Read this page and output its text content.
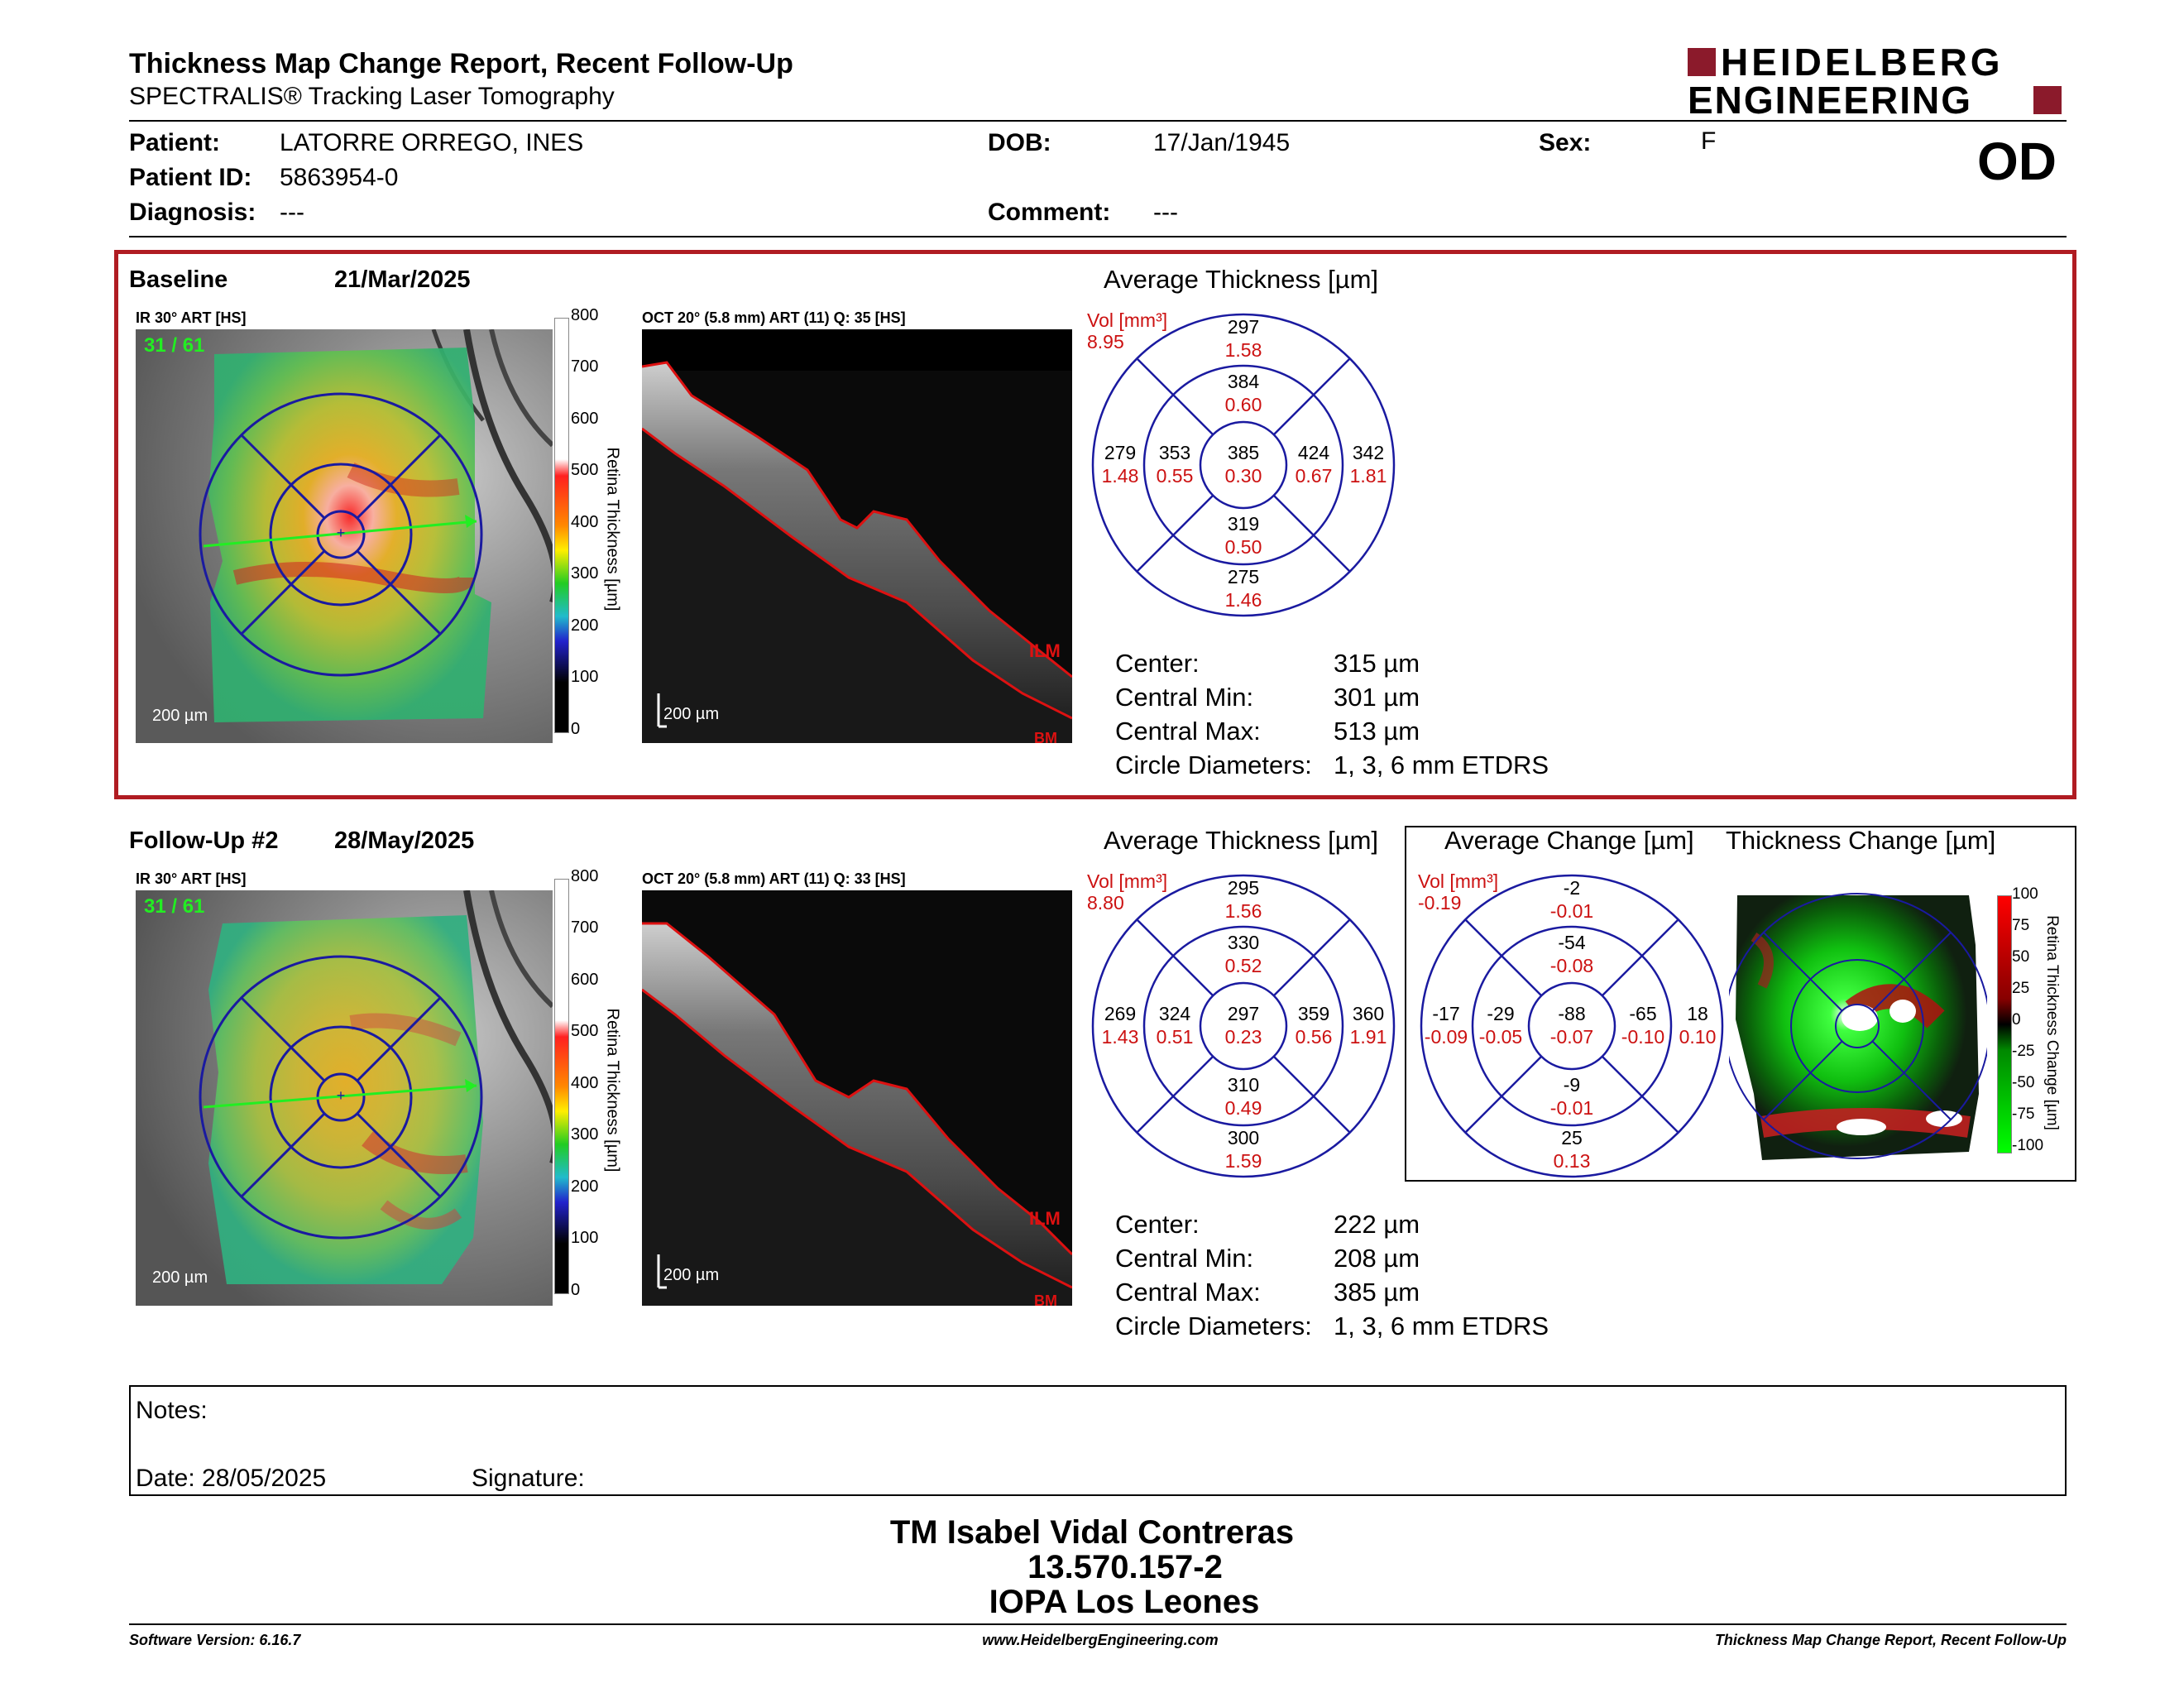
Thickness Map Change Report, Recent Follow-Up
SPECTRALIS® Tracking Laser Tomography
HEIDELBERG
ENGINEERING
Patient: LATORRE ORREGO, INES
Patient ID: 5863954-0
Diagnosis: ---
DOB:	17/Jan/1945
Comment: ---
Sex:	F	OD
Baseline	21/Mar/2025
IR 30° ART [HS]	OCT 20° (5.8 mm) ART (11) Q: 35 [HS]
+
31 / 61
200 µm
800
700
600
500
400
300
200
100
0
Retina Thickness [µm]
ILM
BM
200 µm
Average Thickness [µm]
Vol [mm³]
8.95
297
1.58
384
0.60
385
0.30
319
0.50
275
1.46
279
1.48
353
0.55
424
0.67
342
1.81
Center:	315 µm
Central Min:	301 µm
Central Max:	513 µm
Circle Diameters: 1, 3, 6 mm ETDRS
Follow-Up #2 28/May/2025
IR 30° ART [HS]	OCT 20° (5.8 mm) ART (11) Q: 33 [HS]
+
31 / 61
200 µm
800
700
600
500
400
300
200
100
0
Retina Thickness [µm]
ILM
BM
200 µm
Average Thickness [µm]
Vol [mm³]
8.80
295
1.56
330
0.52
297
0.23
310
0.49
300
1.59
269
1.43
324
0.51
359
0.56
360
1.91
Average Change [µm] Thickness Change [µm]
Vol [mm³]
-0.19
-2
-0.01
-54
-0.08
-88
-0.07
-9
-0.01
25
0.13
-17
-0.09
-29
-0.05
-65
-0.10
18
0.10
100
75
50
25
0
-25
-50
-75
-100
Retina Thickness Change [µm]
Center:	222 µm
Central Min:	208 µm
Central Max:	385 µm
Circle Diameters: 1, 3, 6 mm ETDRS
Notes:
Date: 28/05/2025	Signature:
TM Isabel Vidal Contreras
13.570.157-2
IOPA Los Leones
Software Version: 6.16.7	www.HeidelbergEngineering.com	Thickness Map Change Report, Recent Follow-Up
